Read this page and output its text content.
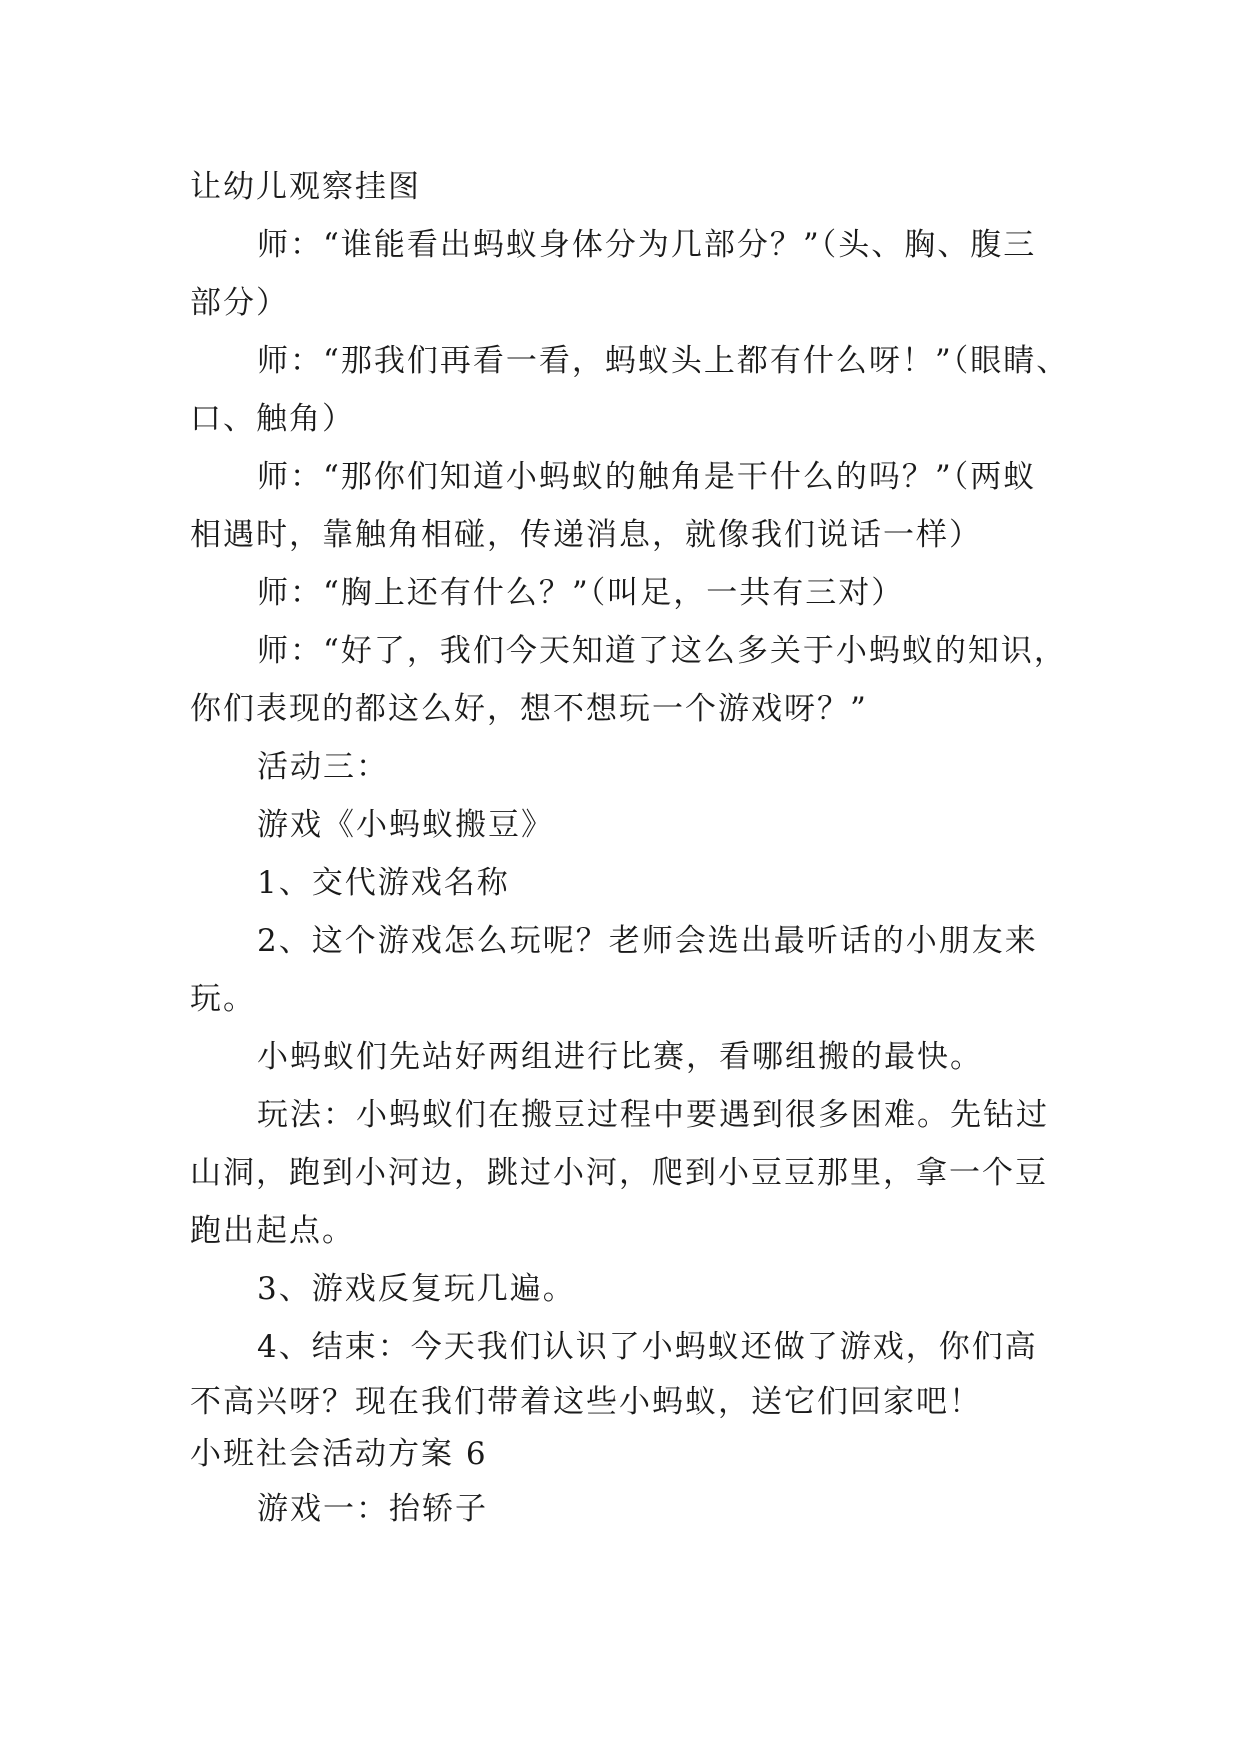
让幼儿观察挂图
师：“谁能看出蚂蚁身体分为几部分？”（头、胸、腹三
部分）
师：“那我们再看一看，蚂蚁头上都有什么呀！”（眼睛、
口、触角）
师：“那你们知道小蚂蚁的触角是干什么的吗？”（两蚁
相遇时，靠触角相碰，传递消息，就像我们说话一样）
师：“胸上还有什么？”（叫足，一共有三对）
师：“好了，我们今天知道了这么多关于小蚂蚁的知识，
你们表现的都这么好，想不想玩一个游戏呀？”
活动三：
游戏《小蚂蚁搬豆》
1、交代游戏名称
2、这个游戏怎么玩呢？老师会选出最听话的小朋友来
玩。
小蚂蚁们先站好两组进行比赛，看哪组搬的最快。
玩法：小蚂蚁们在搬豆过程中要遇到很多困难。先钻过
山洞，跑到小河边，跳过小河，爬到小豆豆那里，拿一个豆
跑出起点。
3、游戏反复玩几遍。
4、结束：今天我们认识了小蚂蚁还做了游戏，你们高
不高兴呀？现在我们带着这些小蚂蚁，送它们回家吧！
小班社会活动方案 6
游戏一：抬轿子
